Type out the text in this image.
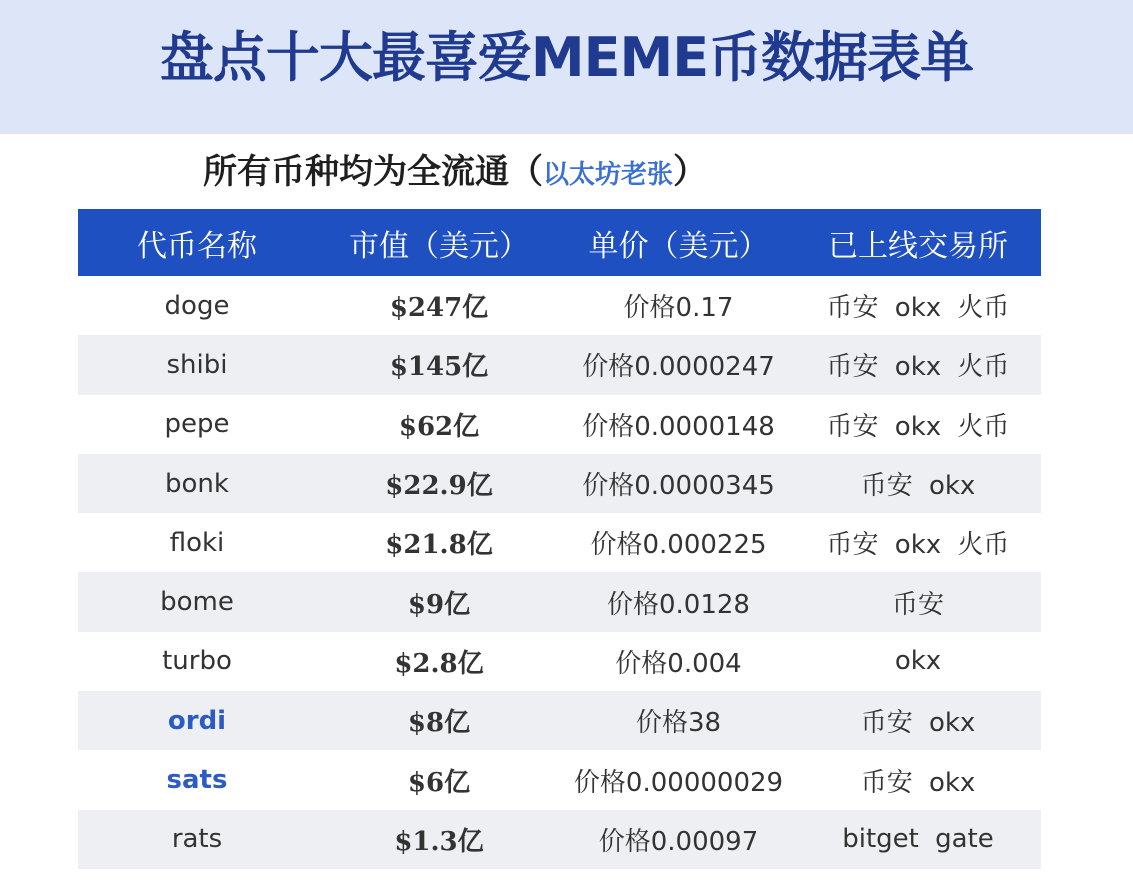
盘点十大最喜爱MEME币数据表单
所有币种均为全流通（以太坊老张）
代币名称	市值（美元）	单价（美元）	已上线交易所
doge	$247亿	价格0.17	币安 okx 火币
shibi	$145亿	价格0.0000247	币安 okx 火币
pepe	$62亿	价格0.0000148	币安 okx 火币
bonk	$22.9亿	价格0.0000345	币安 okx
floki	$21.8亿	价格0.000225	币安 okx 火币
bome	$9亿	价格0.0128	币安
turbo	$2.8亿	价格0.004	okx
ordi	$8亿	价格38	币安 okx
sats	$6亿	价格0.00000029	币安 okx
rats	$1.3亿	价格0.00097	bitget gate
